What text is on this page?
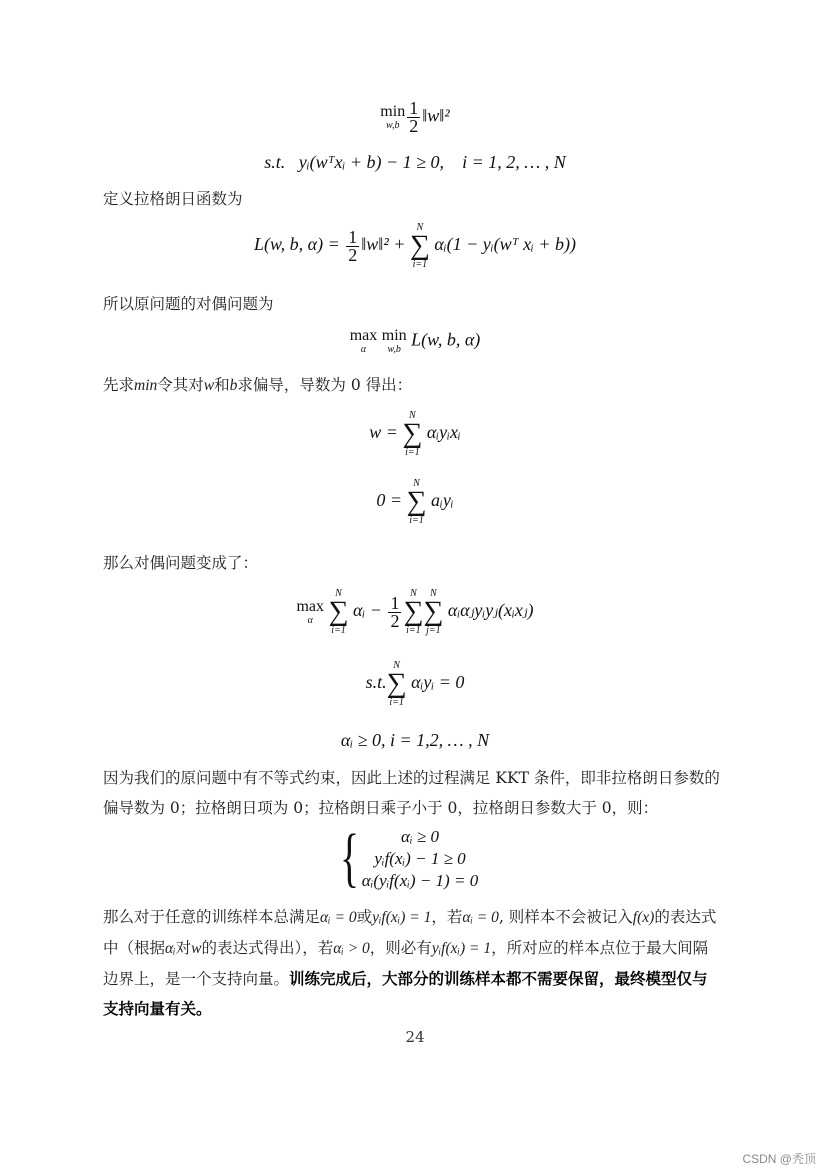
min
$w,b \frac{1}{2}$ ‖w‖²
s.t. yᵢ(wᵀxᵢ + b) − 1 ≥ 0, i = 1, 2, … , N
定义拉格朗日函数为
L(w, b, $\alpha) = \frac{1}{2}$ ‖w‖² +
N
∑
i=1
αᵢ(1 − yᵢ(wᵀ xᵢ + b))
所以原问题的对偶问题为
max
α

min
w,b L(w, b, α)
先求min令其对w和b求偏导，导数为 0 得出：
w =
N
∑
i=1
αᵢyᵢxᵢ
0 =
N
∑
i=1
aᵢyᵢ
那么对偶问题变成了：
max
α

N
∑
i=1
αᵢ − $\frac{1}{2}$
N
∑
i=1
N
∑
j=1
αᵢαⱼyᵢyⱼ(xᵢxⱼ)
s.t.
N
∑
i=1
αᵢyᵢ = 0
αᵢ ≥ 0, i = 1,2, … , N
因为我们的原问题中有不等式约束，因此上述的过程满足 KKT 条件，即非拉格朗日参数的偏导数为 0；拉格朗日项为 0；拉格朗日乘子小于 0，拉格朗日参数大于 0，则：
{	αᵢ ≥ 0
yᵢf(xᵢ) − 1 ≥ 0
αᵢ(yᵢf(xᵢ) − 1) = 0
那么对于任意的训练样本总满足αᵢ = 0或yᵢf(xᵢ) = 1，若αᵢ = 0, 则样本不会被记入f(x)的表达式中（根据αᵢ对w的表达式得出），若αᵢ > 0，则必有yᵢf(xᵢ) = 1，所对应的样本点位于最大间隔边界上，是一个支持向量。训练完成后，大部分的训练样本都不需要保留，最终模型仅与支持向量有关。
24
CSDN @秃顶
